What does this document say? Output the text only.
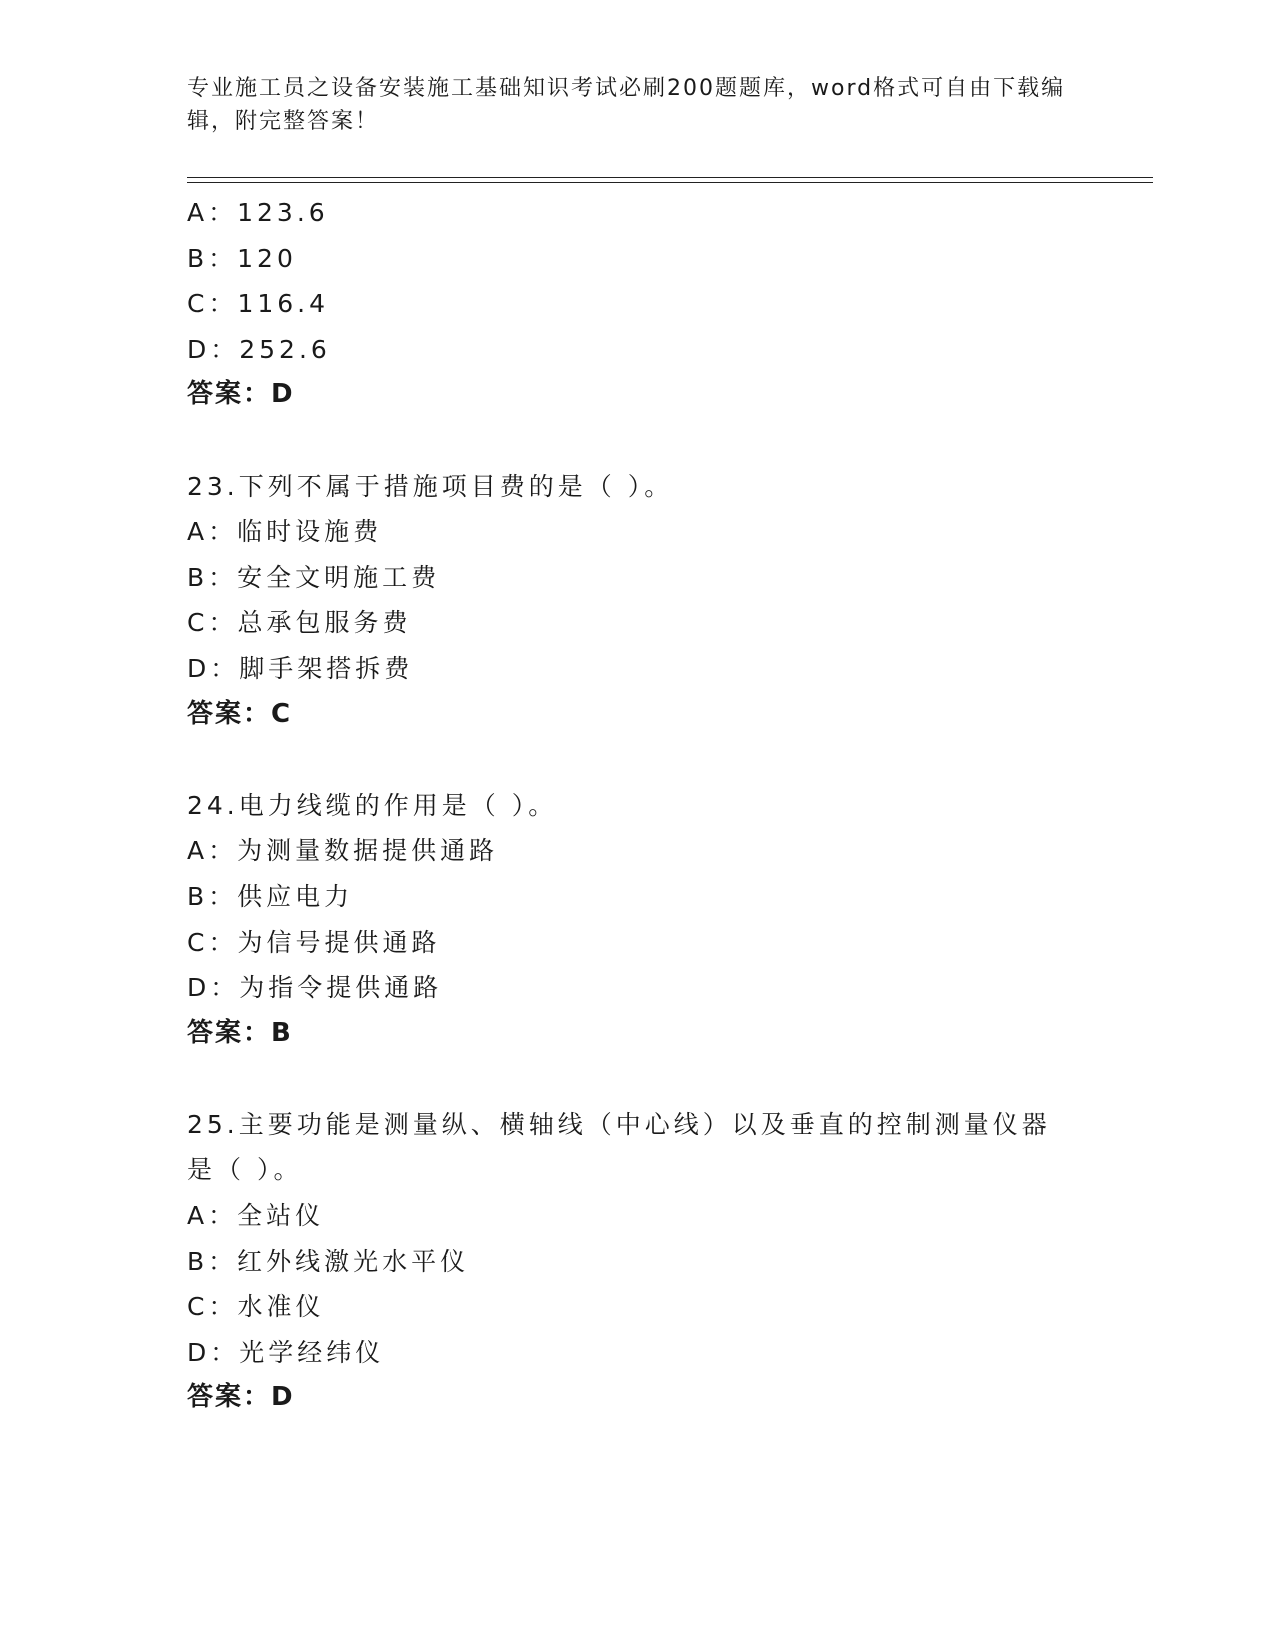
专业施工员之设备安装施工基础知识考试必刷200题题库，word格式可自由下载编辑，附完整答案！
A：123.6
B：120
C：116.4
D：252.6
答案：D
23.下列不属于措施项目费的是（ ）。
A：临时设施费
B：安全文明施工费
C：总承包服务费
D：脚手架搭拆费
答案：C
24.电力线缆的作用是（ ）。
A：为测量数据提供通路
B：供应电力
C：为信号提供通路
D：为指令提供通路
答案：B
25.主要功能是测量纵、横轴线（中心线）以及垂直的控制测量仪器是（ ）。
A：全站仪
B：红外线激光水平仪
C：水准仪
D：光学经纬仪
答案：D
